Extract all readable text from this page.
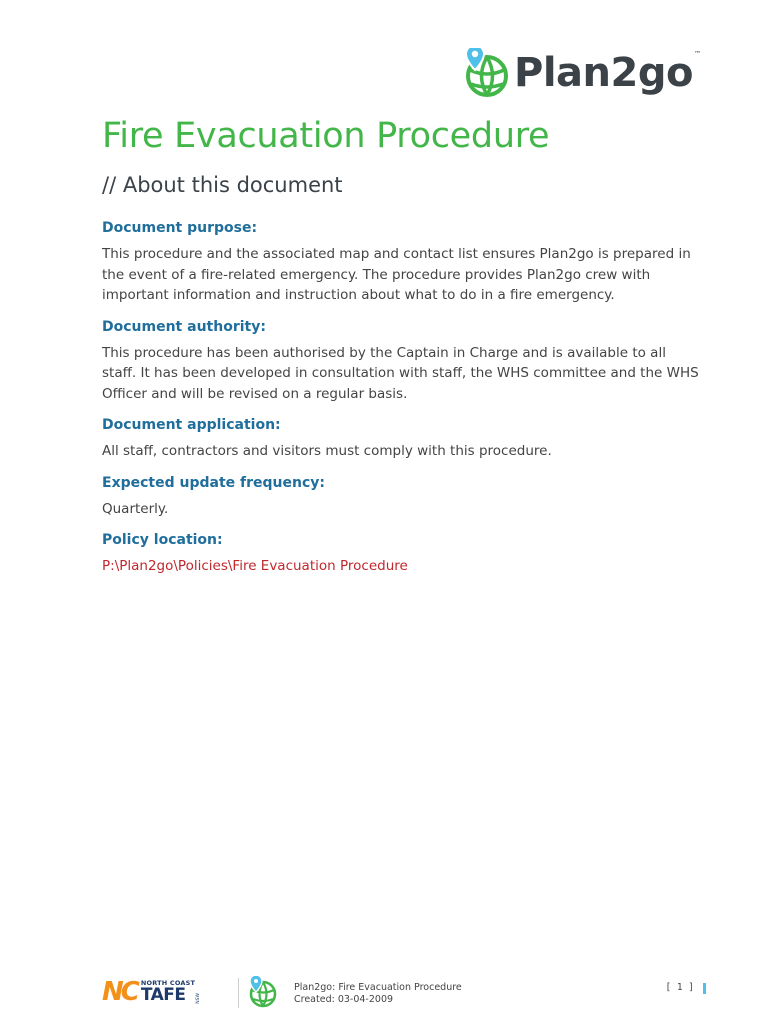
Plan2go ™
Fire Evacuation Procedure
// About this document
Document purpose:

This procedure and the associated map and contact list ensures Plan2go is prepared in the event of a fire-related emergency. The procedure provides Plan2go crew with important information and instruction about what to do in a fire emergency.

Document authority:

This procedure has been authorised by the Captain in Charge and is available to all staff. It has been developed in consultation with staff, the WHS committee and the WHS Officer and will be revised on a regular basis.

Document application:

All staff, contractors and visitors must comply with this procedure.

Expected update frequency:

Quarterly.

Policy location:

P:\Plan2go\Policies\Fire Evacuation Procedure

NC NORTH COAST
TAFE	NSW
Plan2go: Fire Evacuation Procedure
Created: 03-04-2009
[ 1 ]
